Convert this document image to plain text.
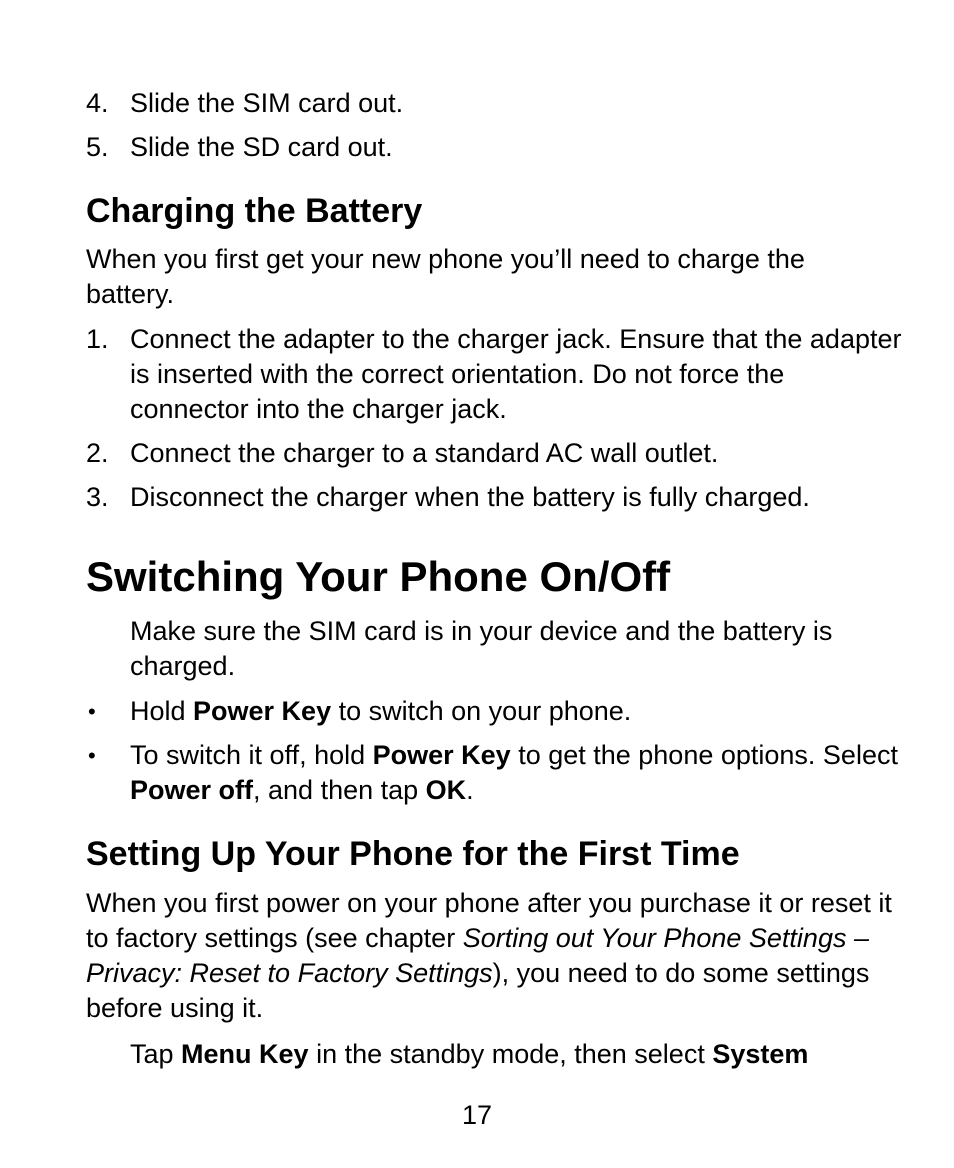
4. Slide the SIM card out.
5. Slide the SD card out.
Charging the Battery

When you first get your new phone you’ll need to charge the battery.

1. Connect the adapter to the charger jack. Ensure that the adapter is inserted with the correct orientation. Do not force the connector into the charger jack.
2. Connect the charger to a standard AC wall outlet.
3. Disconnect the charger when the battery is fully charged.
Switching Your Phone On/Off
Make sure the SIM card is in your device and the battery is charged.
• Hold Power Key to switch on your phone.
• To switch it off, hold Power Key to get the phone options. Select Power off, and then tap OK.
Setting Up Your Phone for the First Time

When you first power on your phone after you purchase it or reset it to factory settings (see chapter Sorting out Your Phone Settings – Privacy: Reset to Factory Settings), you need to do some settings before using it.

Tap Menu Key in the standby mode, then select System
17
